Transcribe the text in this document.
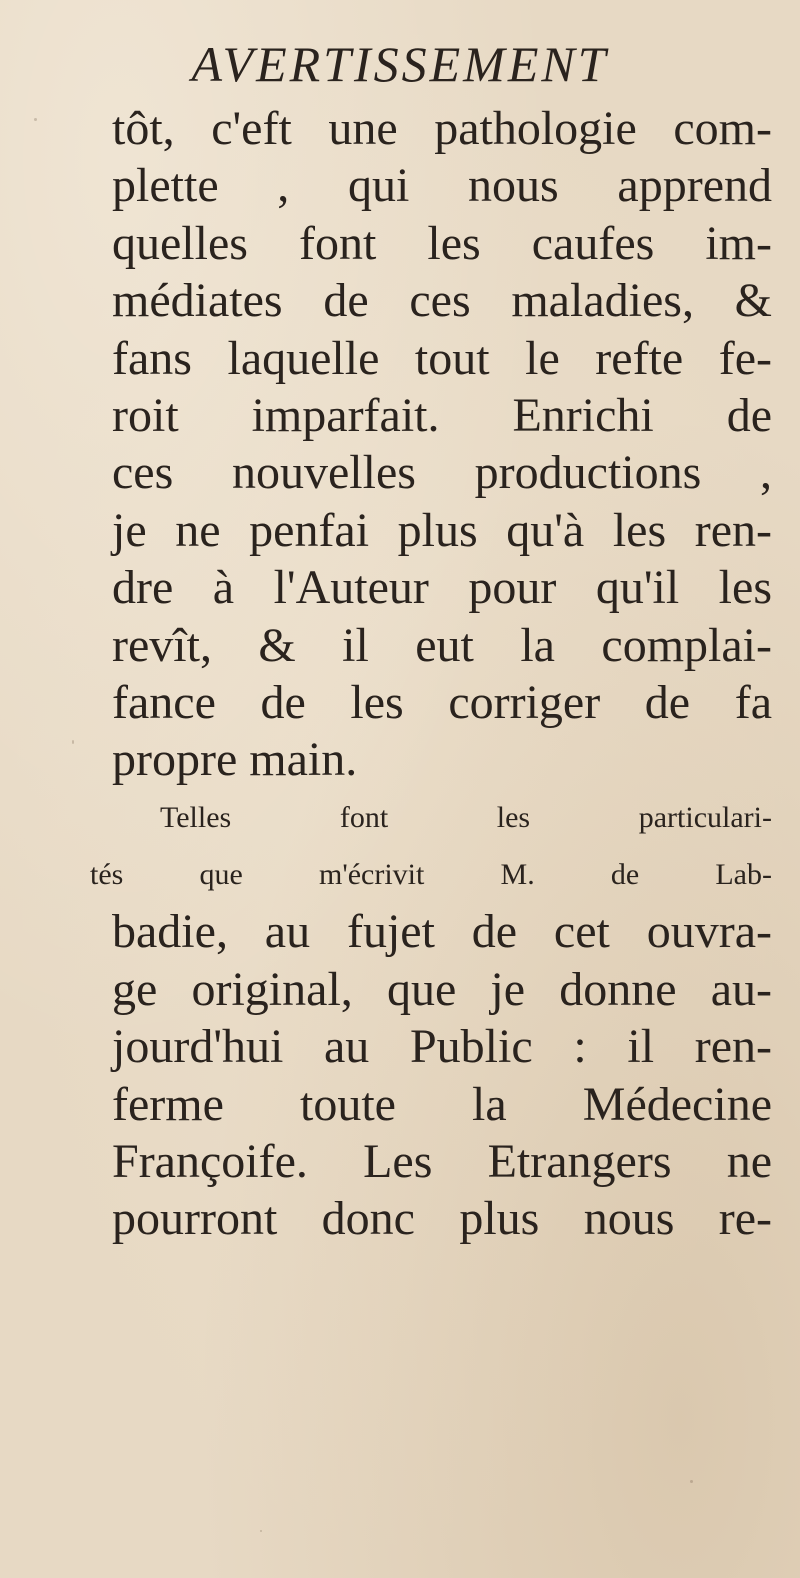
AVERTISSEMENT
tôt, c'eft une pathologie com-
plette , qui nous apprend
quelles font les caufes im-
médiates de ces maladies, &
fans laquelle tout le refte fe-
roit imparfait. Enrichi de
ces nouvelles productions ,
je ne penfai plus qu'à les ren-
dre à l'Auteur pour qu'il les
revît, & il eut la complai-
fance de les corriger de fa
propre main.
Telles font les particulari-
tés que m'écrivit M. de Lab-
badie, au fujet de cet ouvra-
ge original, que je donne au-
jourd'hui au Public : il ren-
ferme toute la Médecine
Françoife. Les Etrangers ne
pourront donc plus nous re-
